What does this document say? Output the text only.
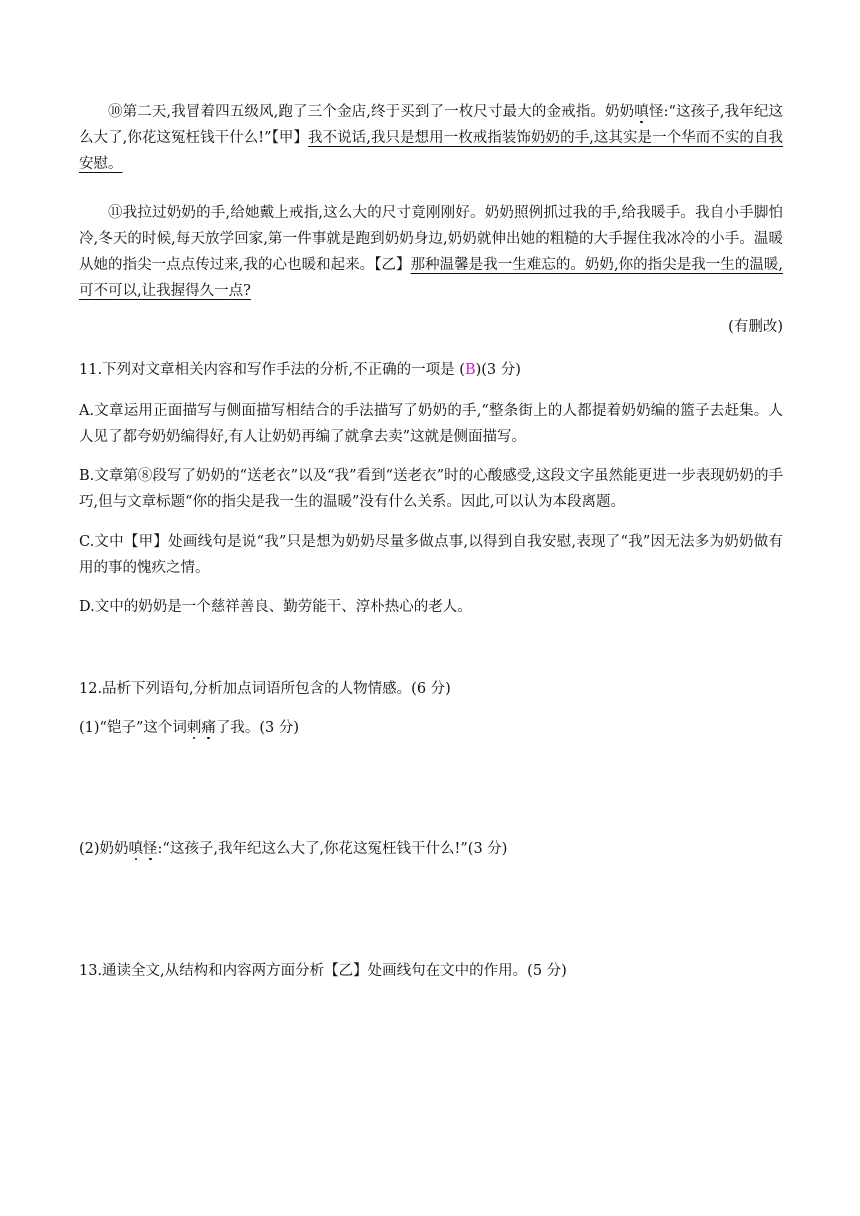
⑩第二天,我冒着四五级风,跑了三个金店,终于买到了一枚尺寸最大的金戒指。奶奶嗔怪:“这孩子,我年纪这么大了,你花这冤枉钱干什么!”【甲】我不说话,我只是想用一枚戒指装饰奶奶的手,这其实是一个华而不实的自我安慰。

⑪我拉过奶奶的手,给她戴上戒指,这么大的尺寸竟刚刚好。奶奶照例抓过我的手,给我暖手。我自小手脚怕冷,冬天的时候,每天放学回家,第一件事就是跑到奶奶身边,奶奶就伸出她的粗糙的大手握住我冰冷的小手。温暖从她的指尖一点点传过来,我的心也暖和起来。【乙】那种温馨是我一生难忘的。奶奶,你的指尖是我一生的温暖,可不可以,让我握得久一点?

(有删改)

11.下列对文章相关内容和写作手法的分析,不正确的一项是 (B)(3 分)

A.文章运用正面描写与侧面描写相结合的手法描写了奶奶的手,“整条街上的人都提着奶奶编的篮子去赶集。人人见了都夸奶奶编得好,有人让奶奶再编了就拿去卖”这就是侧面描写。

B.文章第⑧段写了奶奶的“送老衣”以及“我”看到“送老衣”时的心酸感受,这段文字虽然能更进一步表现奶奶的手巧,但与文章标题“你的指尖是我一生的温暖”没有什么关系。因此,可以认为本段离题。

C.文中【甲】处画线句是说“我”只是想为奶奶尽量多做点事,以得到自我安慰,表现了“我”因无法多为奶奶做有用的事的愧疚之情。

D.文中的奶奶是一个慈祥善良、勤劳能干、淳朴热心的老人。

12.品析下列语句,分析加点词语所包含的人物情感。(6 分)

(1)“铠子”这个词刺痛了我。(3 分)

(2)奶奶嗔怪:“这孩子,我年纪这么大了,你花这冤枉钱干什么!”(3 分)

13.通读全文,从结构和内容两方面分析【乙】处画线句在文中的作用。(5 分)
